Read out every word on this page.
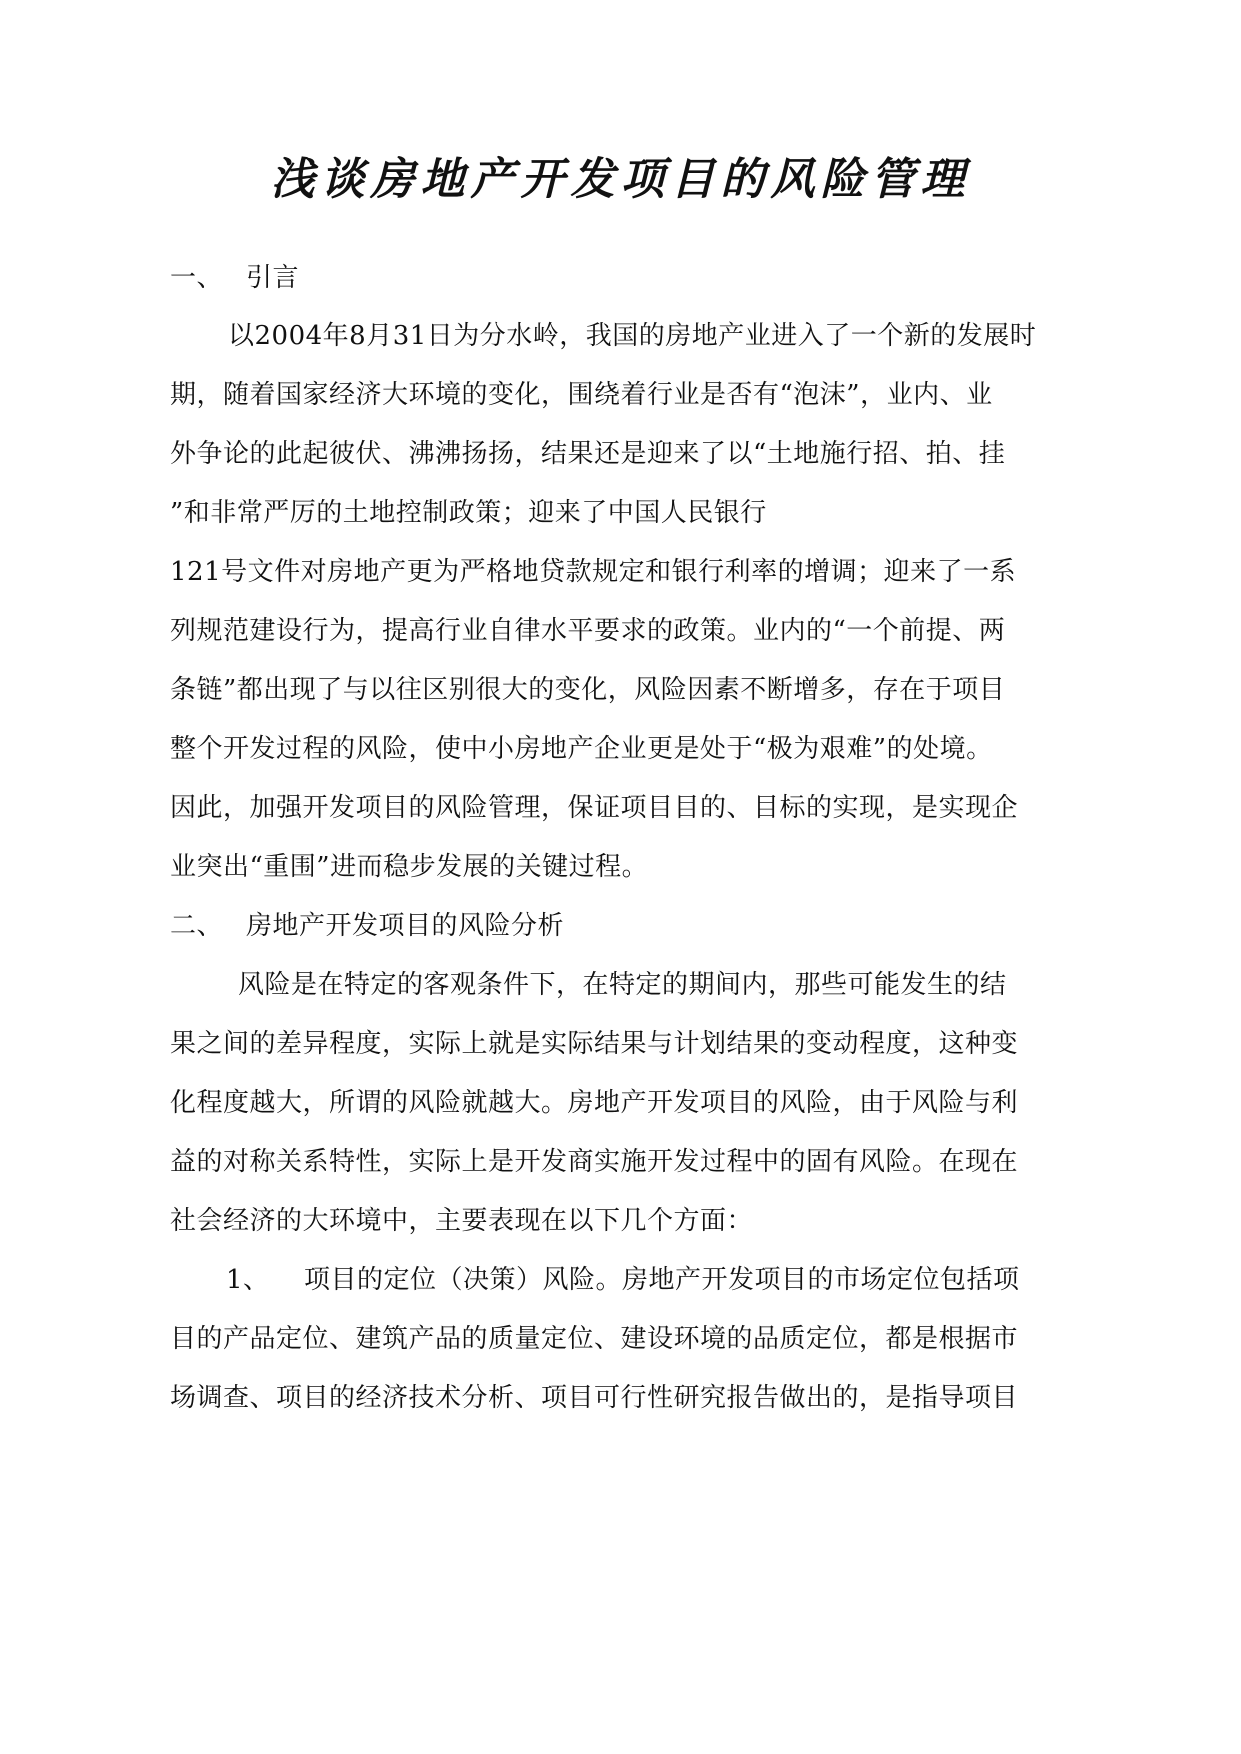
浅谈房地产开发项目的风险管理
一、 引言
以2004年8月31日为分水岭，我国的房地产业进入了一个新的发展时
期，随着国家经济大环境的变化，围绕着行业是否有“泡沫”，业内、业
外争论的此起彼伏、沸沸扬扬，结果还是迎来了以“土地施行招、拍、挂
”和非常严厉的土地控制政策；迎来了中国人民银行
121号文件对房地产更为严格地贷款规定和银行利率的增调；迎来了一系
列规范建设行为，提高行业自律水平要求的政策。业内的“一个前提、两
条链”都出现了与以往区别很大的变化，风险因素不断增多，存在于项目
整个开发过程的风险，使中小房地产企业更是处于“极为艰难”的处境。
因此，加强开发项目的风险管理，保证项目目的、目标的实现，是实现企
业突出“重围”进而稳步发展的关键过程。
二、 房地产开发项目的风险分析
风险是在特定的客观条件下，在特定的期间内，那些可能发生的结
果之间的差异程度，实际上就是实际结果与计划结果的变动程度，这种变
化程度越大，所谓的风险就越大。房地产开发项目的风险，由于风险与利
益的对称关系特性，实际上是开发商实施开发过程中的固有风险。在现在
社会经济的大环境中，主要表现在以下几个方面：
1、 项目的定位（决策）风险。房地产开发项目的市场定位包括项
目的产品定位、建筑产品的质量定位、建设环境的品质定位，都是根据市
场调查、项目的经济技术分析、项目可行性研究报告做出的，是指导项目
